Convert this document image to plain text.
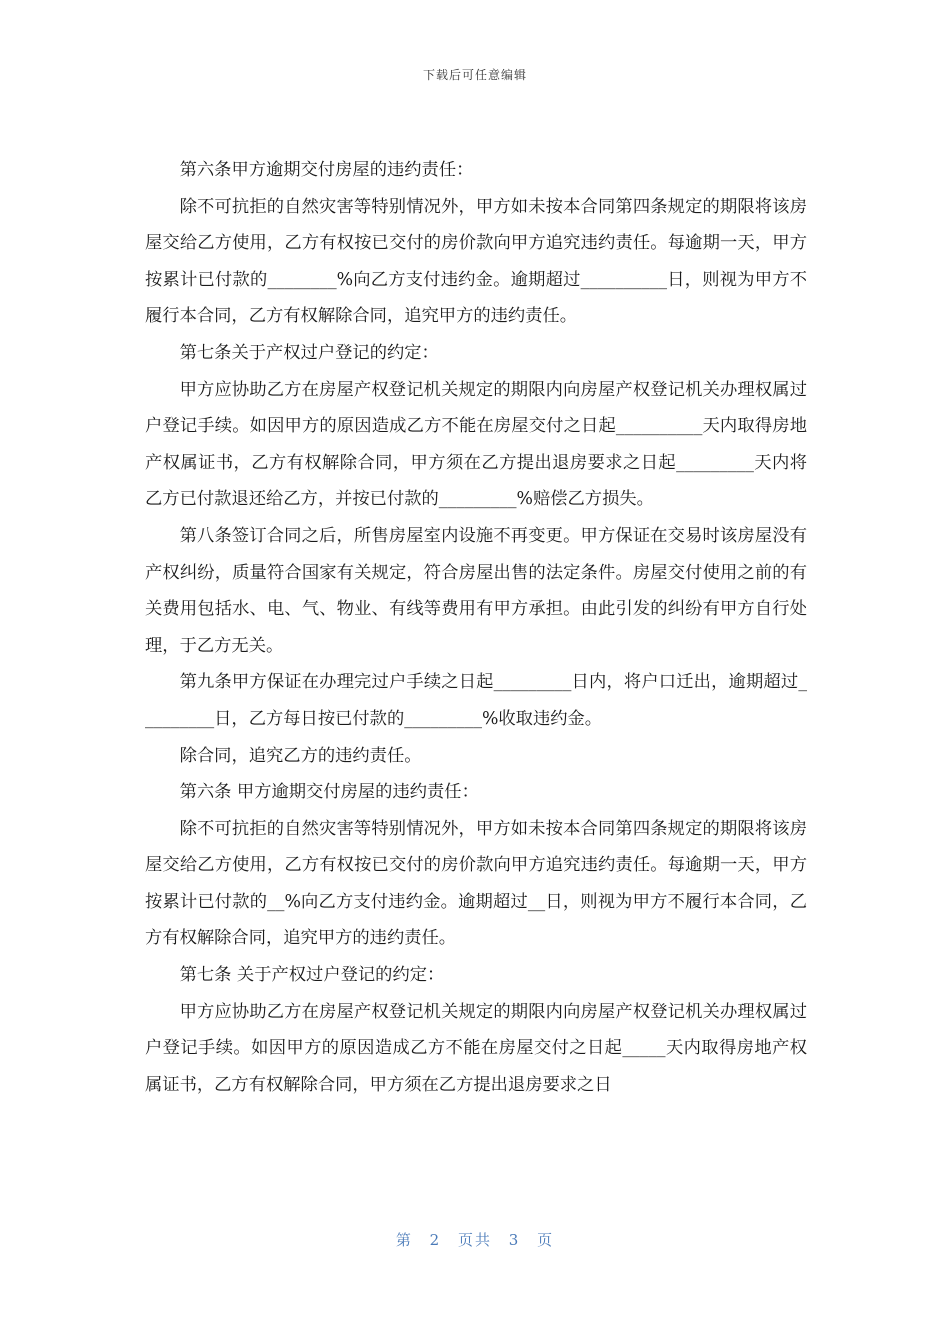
下载后可任意编辑

第六条甲方逾期交付房屋的违约责任：

除不可抗拒的自然灾害等特别情况外，甲方如未按本合同第四条规定的期限将该房屋交给乙方使用，乙方有权按已交付的房价款向甲方追究违约责任。每逾期一天，甲方按累计已付款的________%向乙方支付违约金。逾期超过__________日，则视为甲方不履行本合同，乙方有权解除合同，追究甲方的违约责任。

第七条关于产权过户登记的约定：

甲方应协助乙方在房屋产权登记机关规定的期限内向房屋产权登记机关办理权属过户登记手续。如因甲方的原因造成乙方不能在房屋交付之日起__________天内取得房地产权属证书，乙方有权解除合同，甲方须在乙方提出退房要求之日起_________天内将乙方已付款退还给乙方，并按已付款的_________%赔偿乙方损失。

第八条签订合同之后，所售房屋室内设施不再变更。甲方保证在交易时该房屋没有产权纠纷，质量符合国家有关规定，符合房屋出售的法定条件。房屋交付使用之前的有关费用包括水、电、气、物业、有线等费用有甲方承担。由此引发的纠纷有甲方自行处理，于乙方无关。

第九条甲方保证在办理完过户手续之日起_________日内，将户口迁出，逾期超过_________日，乙方每日按已付款的_________%收取违约金。

除合同，追究乙方的违约责任。

第六条 甲方逾期交付房屋的违约责任：

除不可抗拒的自然灾害等特别情况外，甲方如未按本合同第四条规定的期限将该房屋交给乙方使用，乙方有权按已交付的房价款向甲方追究违约责任。每逾期一天，甲方按累计已付款的__%向乙方支付违约金。逾期超过__日，则视为甲方不履行本合同，乙方有权解除合同，追究甲方的违约责任。

第七条 关于产权过户登记的约定：

甲方应协助乙方在房屋产权登记机关规定的期限内向房屋产权登记机关办理权属过户登记手续。如因甲方的原因造成乙方不能在房屋交付之日起_____天内取得房地产权属证书，乙方有权解除合同，甲方须在乙方提出退房要求之日

第 2 页共 3 页
